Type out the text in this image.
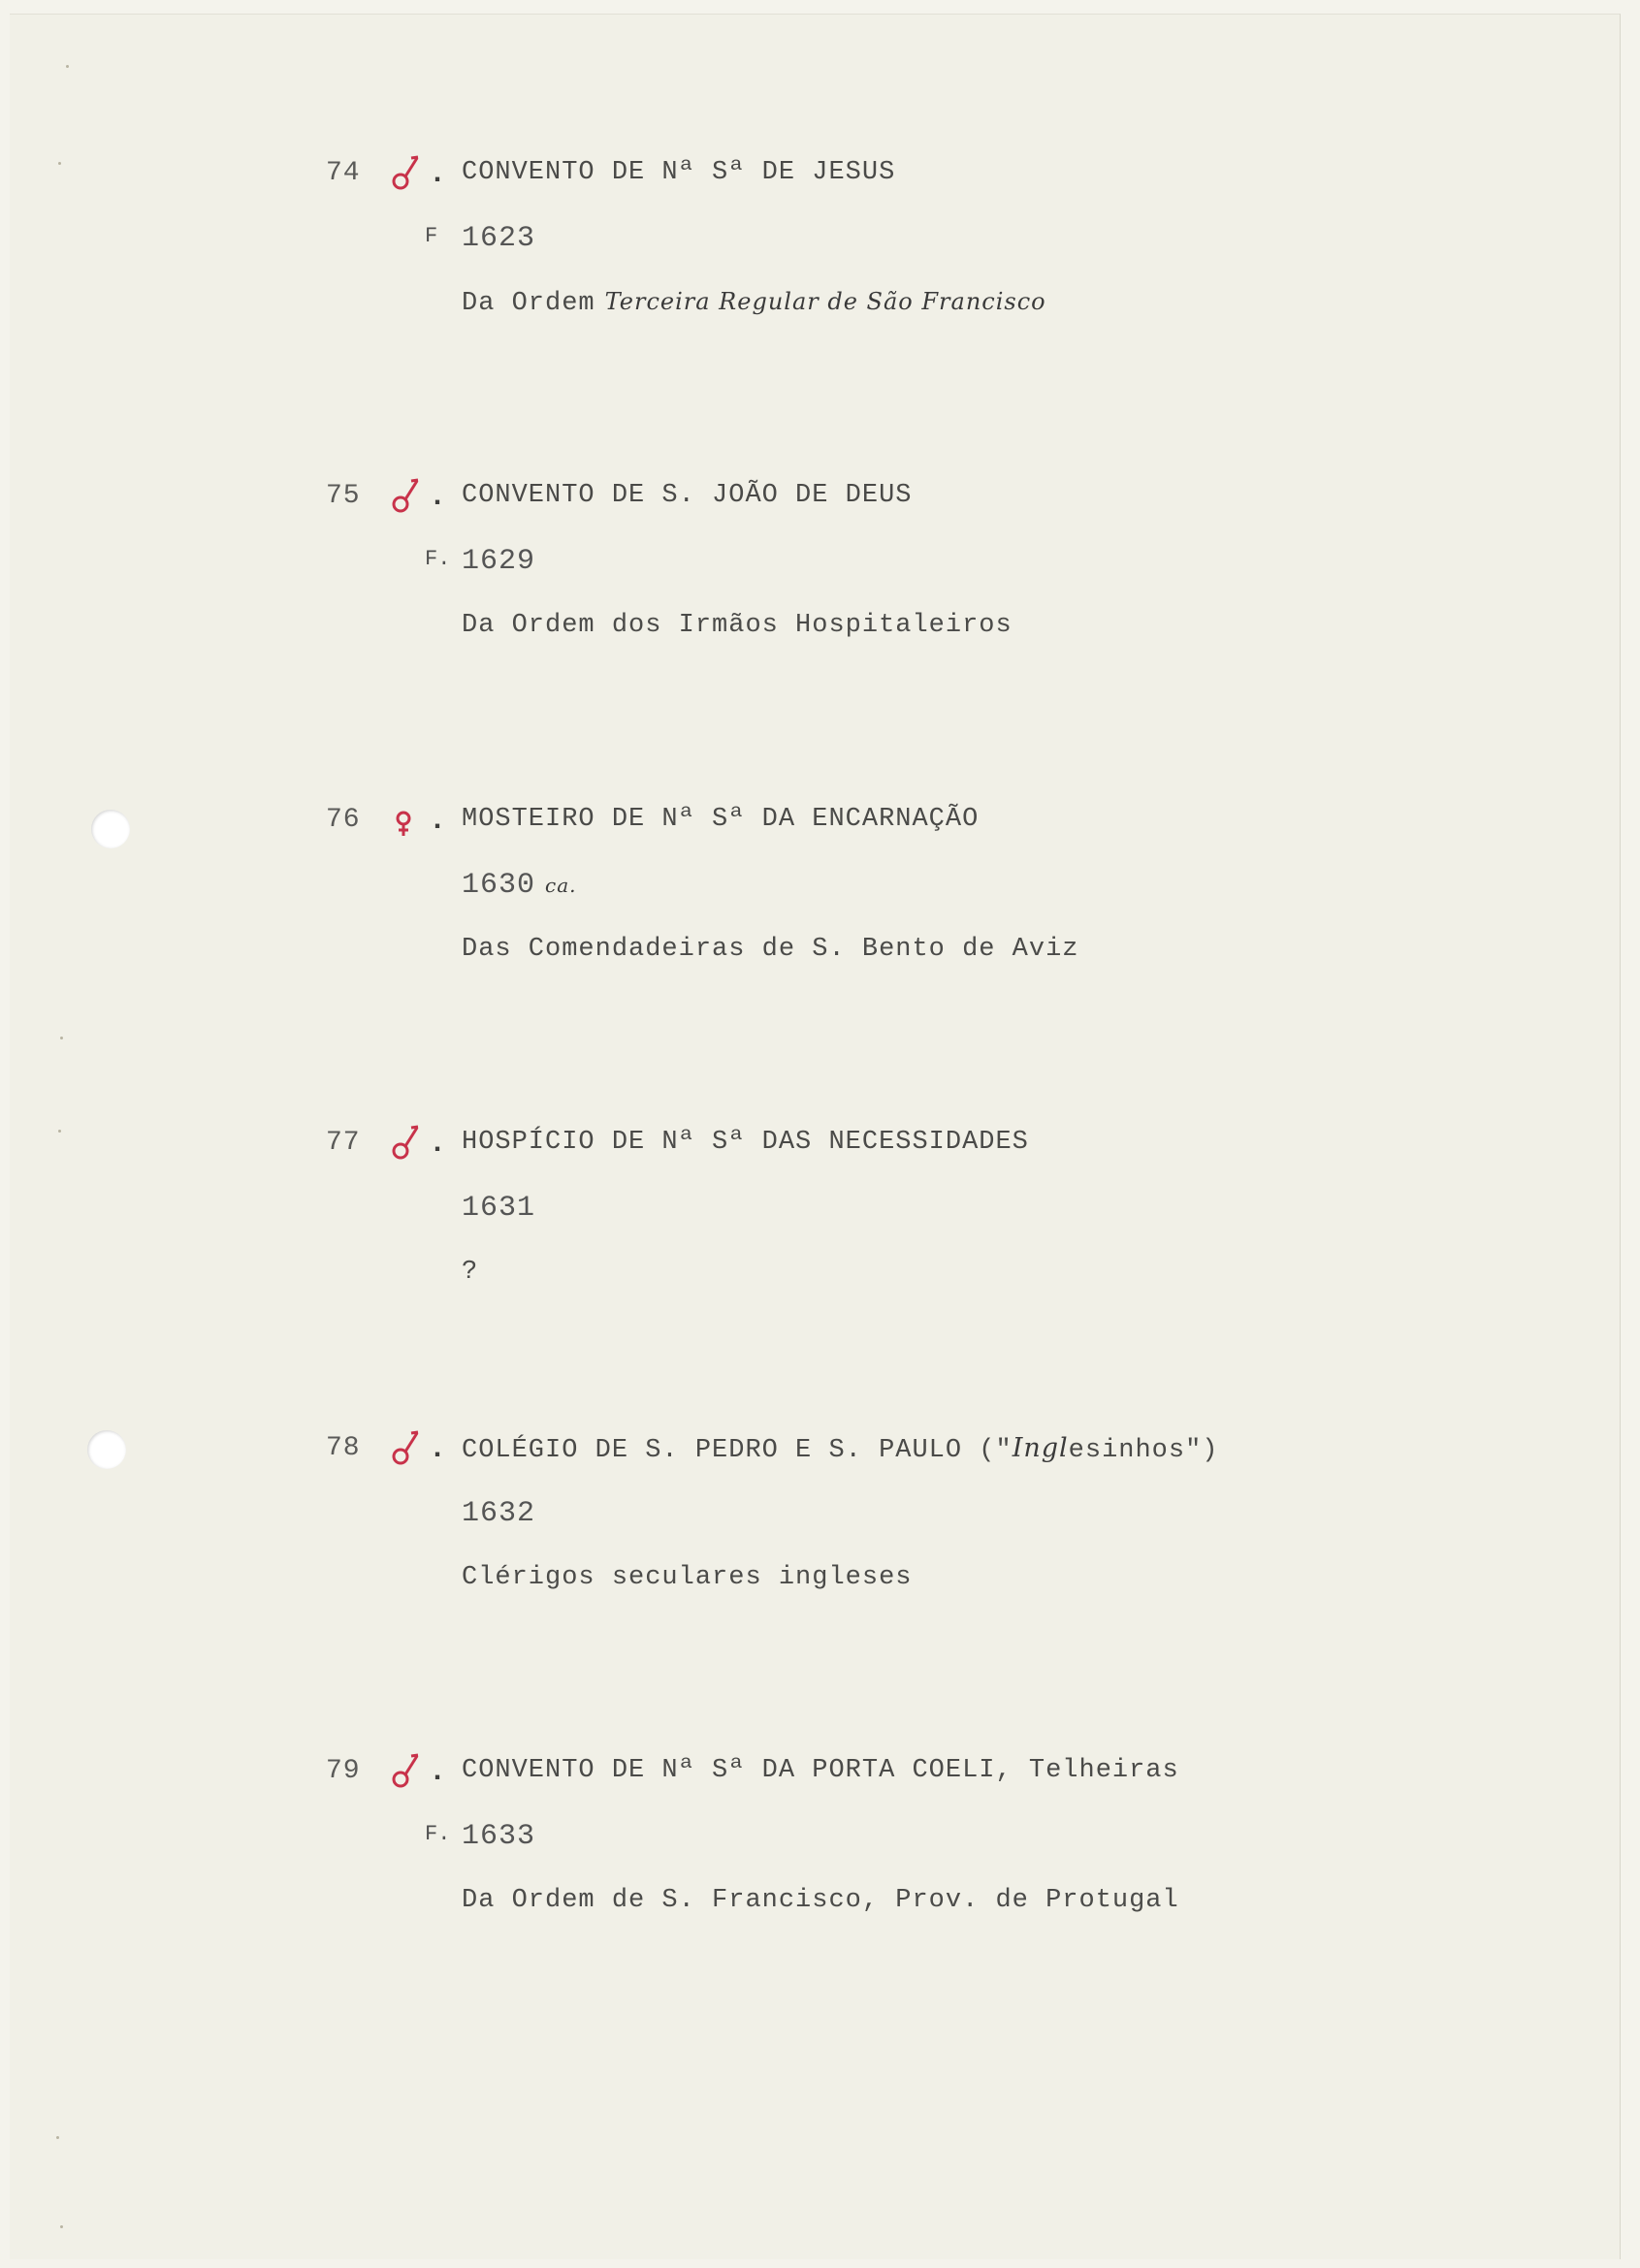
74 . CONVENTO DE Nª Sª DE JESUS
F 1623
Da Ordem Terceira Regular de São Francisco
75 . CONVENTO DE S. JOÃO DE DEUS
F. 1629
Da Ordem dos Irmãos Hospitaleiros
76 . MOSTEIRO DE Nª Sª DA ENCARNAÇÃO
1630 ca.
Das Comendadeiras de S. Bento de Aviz
77 . HOSPÍCIO DE Nª Sª DAS NECESSIDADES
1631
?
78 . COLÉGIO DE S. PEDRO E S. PAULO ("Inglesinhos")
1632
Clérigos seculares ingleses
79 . CONVENTO DE Nª Sª DA PORTA COELI, Telheiras
F. 1633
Da Ordem de S. Francisco, Prov. de Protugal
